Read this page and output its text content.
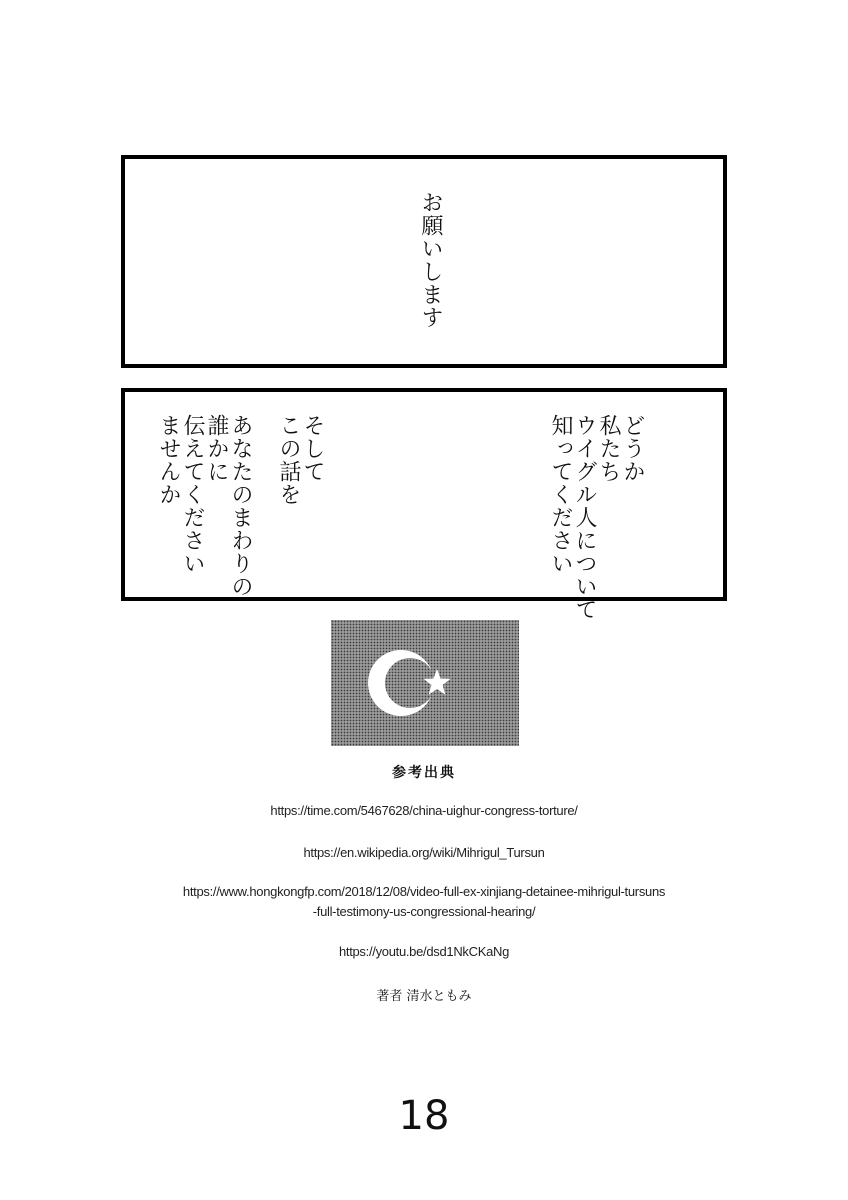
お願いします
どうか
私たち
ウイグル人について
知ってください
そして
この話を
あなたのまわりの
誰かに
伝えてください
ませんか
参考出典
https://time.com/5467628/china-uighur-congress-torture/
https://en.wikipedia.org/wiki/Mihrigul_Tursun
https://www.hongkongfp.com/2018/12/08/video-full-ex-xinjiang-detainee-mihrigul-tursuns
-full-testimony-us-congressional-hearing/
https://youtu.be/dsd1NkCKaNg
著者 清水ともみ
18
